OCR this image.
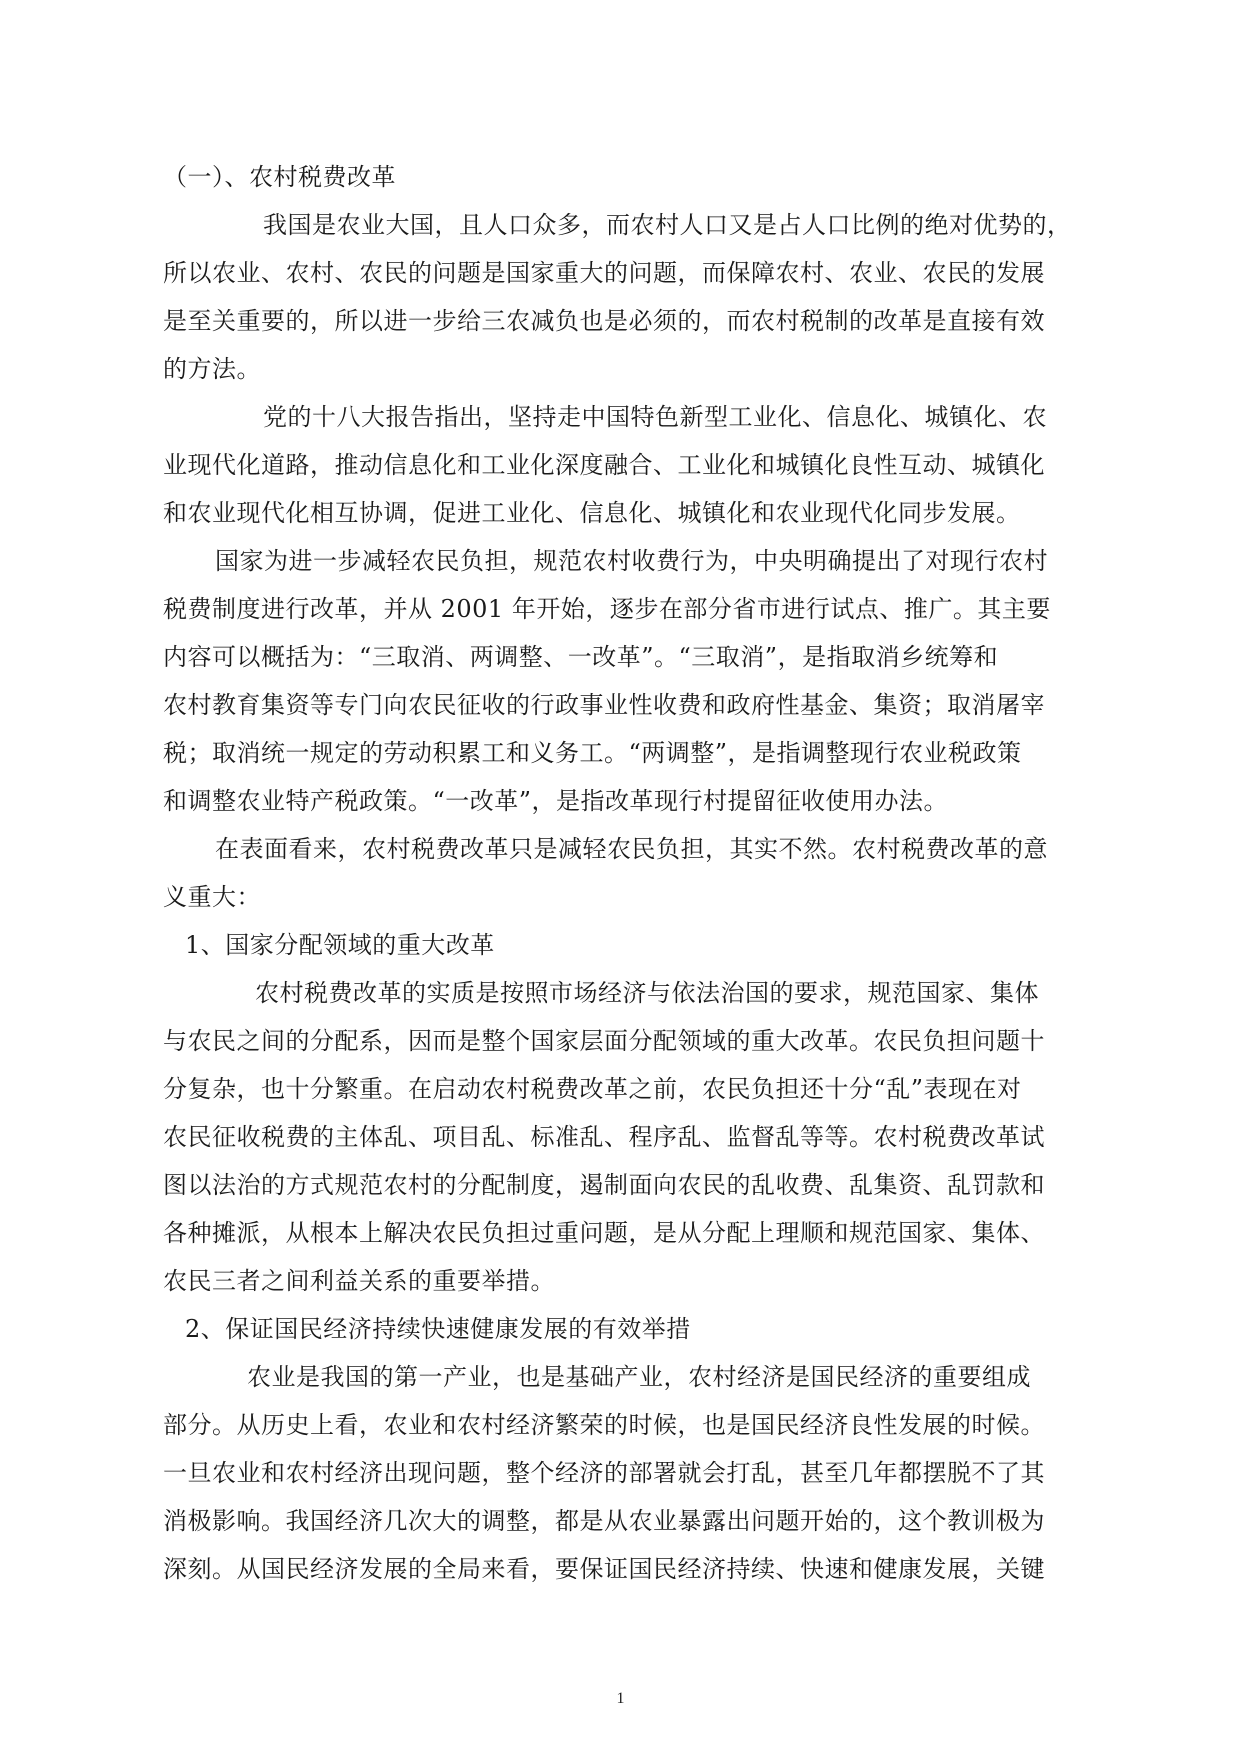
（一）、农村税费改革
我国是农业大国，且人口众多，而农村人口又是占人口比例的绝对优势的，
所以农业、农村、农民的问题是国家重大的问题，而保障农村、农业、农民的发展
是至关重要的，所以进一步给三农减负也是必须的，而农村税制的改革是直接有效
的方法。
党的十八大报告指出，坚持走中国特色新型工业化、信息化、城镇化、农
业现代化道路，推动信息化和工业化深度融合、工业化和城镇化良性互动、城镇化
和农业现代化相互协调，促进工业化、信息化、城镇化和农业现代化同步发展。
国家为进一步减轻农民负担，规范农村收费行为，中央明确提出了对现行农村
税费制度进行改革，并从 2001 年开始，逐步在部分省市进行试点、推广。其主要
内容可以概括为：“三取消、两调整、一改革”。“三取消”，是指取消乡统筹和
农村教育集资等专门向农民征收的行政事业性收费和政府性基金、集资；取消屠宰
税；取消统一规定的劳动积累工和义务工。“两调整”，是指调整现行农业税政策
和调整农业特产税政策。“一改革”，是指改革现行村提留征收使用办法。
在表面看来，农村税费改革只是减轻农民负担，其实不然。农村税费改革的意
义重大：
1、国家分配领域的重大改革
农村税费改革的实质是按照市场经济与依法治国的要求，规范国家、集体
与农民之间的分配系，因而是整个国家层面分配领域的重大改革。农民负担问题十
分复杂，也十分繁重。在启动农村税费改革之前，农民负担还十分“乱”表现在对
农民征收税费的主体乱、项目乱、标准乱、程序乱、监督乱等等。农村税费改革试
图以法治的方式规范农村的分配制度，遏制面向农民的乱收费、乱集资、乱罚款和
各种摊派，从根本上解决农民负担过重问题，是从分配上理顺和规范国家、集体、
农民三者之间利益关系的重要举措。
2、保证国民经济持续快速健康发展的有效举措
农业是我国的第一产业，也是基础产业，农村经济是国民经济的重要组成
部分。从历史上看，农业和农村经济繁荣的时候，也是国民经济良性发展的时候。
一旦农业和农村经济出现问题，整个经济的部署就会打乱，甚至几年都摆脱不了其
消极影响。我国经济几次大的调整，都是从农业暴露出问题开始的，这个教训极为
深刻。从国民经济发展的全局来看，要保证国民经济持续、快速和健康发展，关键
1
